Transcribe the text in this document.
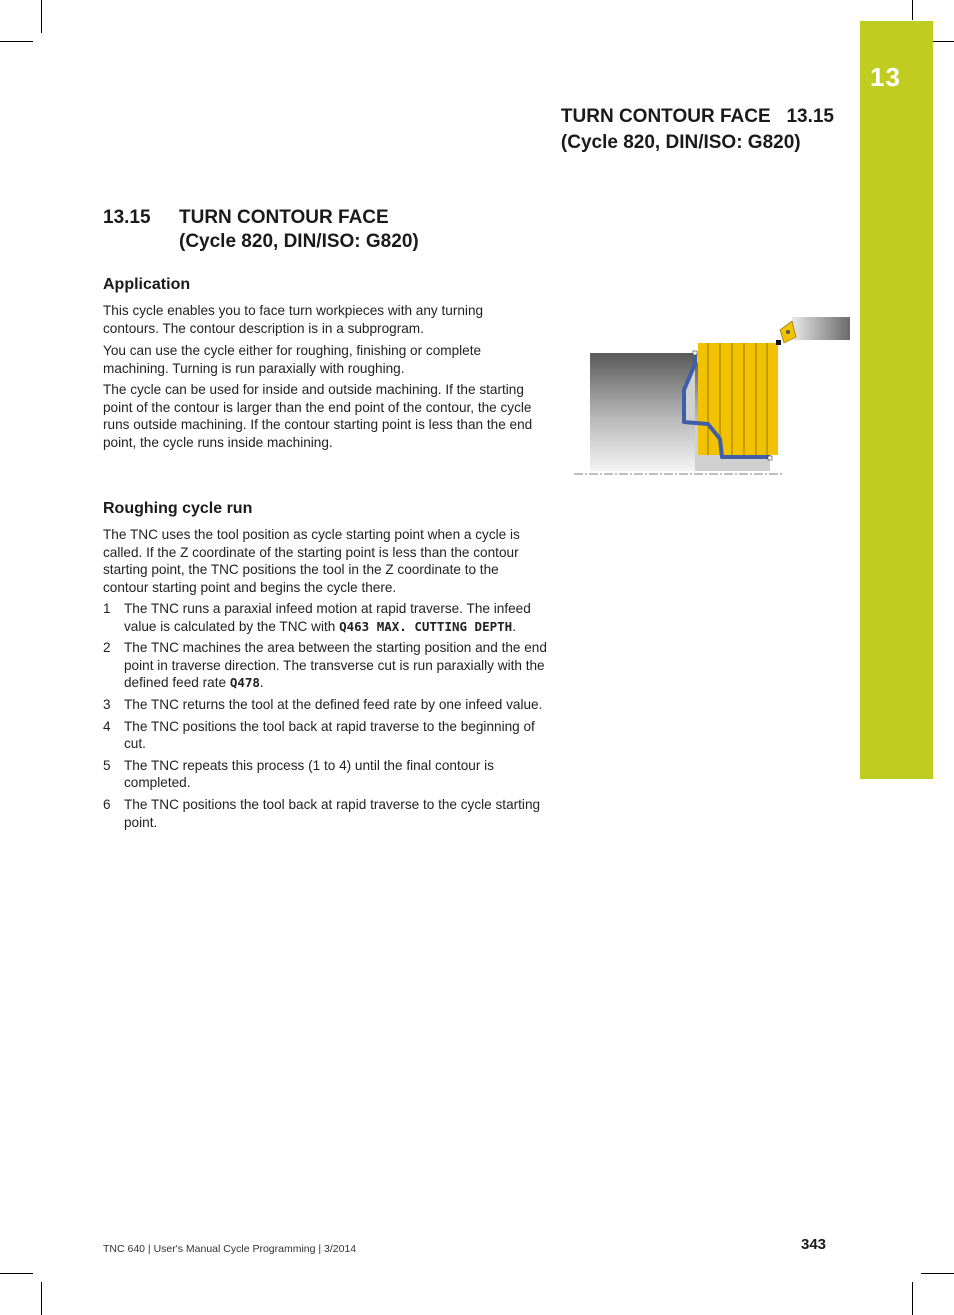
13
TURN CONTOUR FACE   13.15
(Cycle 820, DIN/ISO: G820)
13.15 TURN CONTOUR FACE
(Cycle 820, DIN/ISO: G820)
Application

This cycle enables you to face turn workpieces with any turning contours. The contour description is in a subprogram.

You can use the cycle either for roughing, finishing or complete machining. Turning is run paraxially with roughing.

The cycle can be used for inside and outside machining. If the starting point of the contour is larger than the end point of the contour, the cycle runs outside machining. If the contour starting point is less than the end point, the cycle runs inside machining.

Roughing cycle run

The TNC uses the tool position as cycle starting point when a cycle is called. If the Z coordinate of the starting point is less than the contour starting point, the TNC positions the tool in the Z coordinate to the contour starting point and begins the cycle there.

1 The TNC runs a paraxial infeed motion at rapid traverse. The infeed value is calculated by the TNC with Q463 MAX. CUTTING DEPTH.
2 The TNC machines the area between the starting position and the end point in traverse direction. The transverse cut is run paraxially with the defined feed rate Q478.
3 The TNC returns the tool at the defined feed rate by one infeed value.
4 The TNC positions the tool back at rapid traverse to the beginning of cut.
5 The TNC repeats this process (1 to 4) until the final contour is completed.
6 The TNC positions the tool back at rapid traverse to the cycle starting point.
TNC 640 | User's Manual Cycle Programming | 3/2014	343
